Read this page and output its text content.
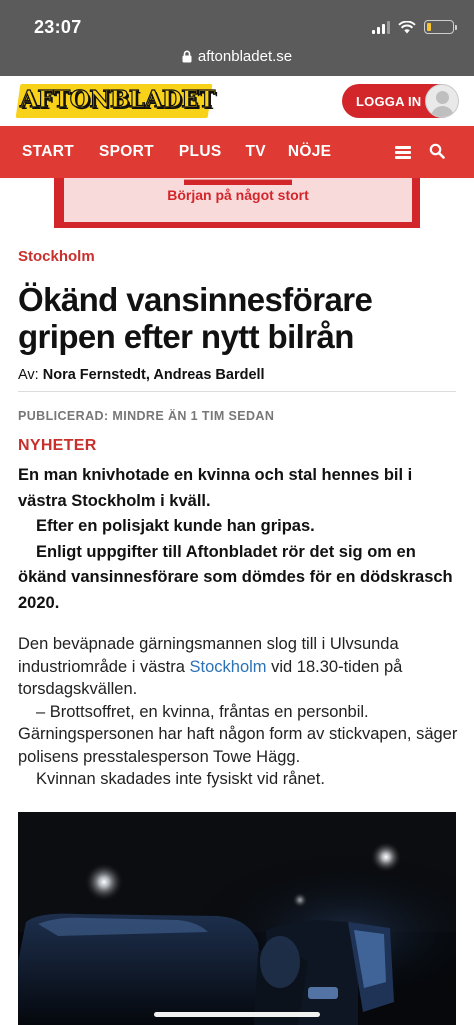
23:07
aftonbladet.se
AFTONBLADET	LOGGA IN
START SPORT PLUS TV NÖJE
▬▬▬▬▬▬
Början på något stort
Stockholm
Ökänd vansinnesförare gripen efter nytt bilrån
Av: Nora Fernstedt, Andreas Bardell
PUBLICERAD: MINDRE ÄN 1 TIM SEDAN
NYHETER
En man knivhotade en kvinna och stal hennes bil i västra Stockholm i kväll.
Efter en polisjakt kunde han gripas.
Enligt uppgifter till Aftonbladet rör det sig om en ökänd vansinnesförare som dömdes för en dödskrasch 2020.
Den beväpnade gärningsmannen slog till i Ulvsunda industriområde i västra Stockholm vid 18.30-tiden på torsdagskvällen.
– Brottsoffret, en kvinna, fråntas en personbil. Gärningspersonen har haft någon form av stickvapen, säger polisens presstalesperson Towe Hägg.
Kvinnan skadades inte fysiskt vid rånet.
